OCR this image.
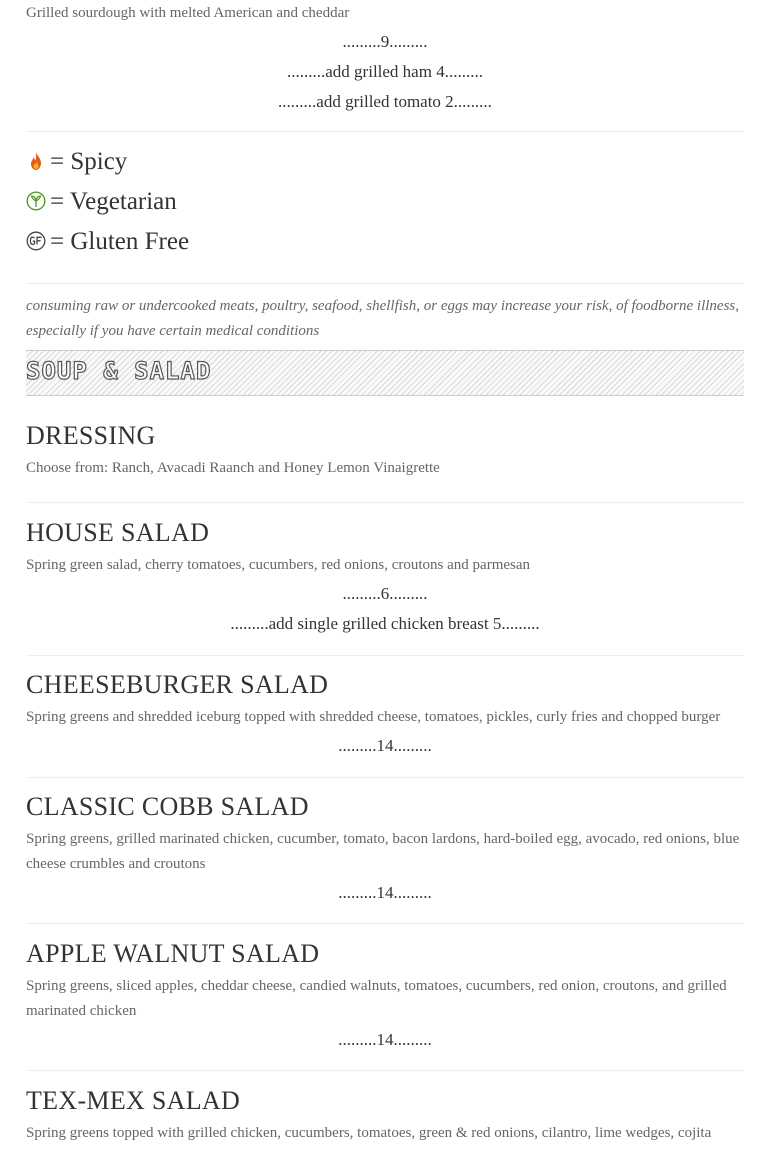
Grilled sourdough with melted American and cheddar
.........9.........
.........add grilled ham 4.........
.........add grilled tomato 2.........
= Spicy
= Vegetarian
= Gluten Free
consuming raw or undercooked meats, poultry, seafood, shellfish, or eggs may increase your risk, of foodborne illness, especially if you have certain medical conditions
SOUP & SALAD
DRESSING
Choose from: Ranch, Avacadi Raanch and Honey Lemon Vinaigrette
HOUSE SALAD
Spring green salad, cherry tomatoes, cucumbers, red onions, croutons and parmesan
.........6.........
.........add single grilled chicken breast 5.........
CHEESEBURGER SALAD
Spring greens and shredded iceburg topped with shredded cheese, tomatoes, pickles, curly fries and chopped burger
.........14.........
CLASSIC COBB SALAD
Spring greens, grilled marinated chicken, cucumber, tomato, bacon lardons, hard-boiled egg, avocado, red onions, blue cheese crumbles and croutons
.........14.........
APPLE WALNUT SALAD
Spring greens, sliced apples, cheddar cheese, candied walnuts, tomatoes, cucumbers, red onion, croutons, and grilled marinated chicken
.........14.........
TEX-MEX SALAD
Spring greens topped with grilled chicken, cucumbers, tomatoes, green & red onions, cilantro, lime wedges, cojita
